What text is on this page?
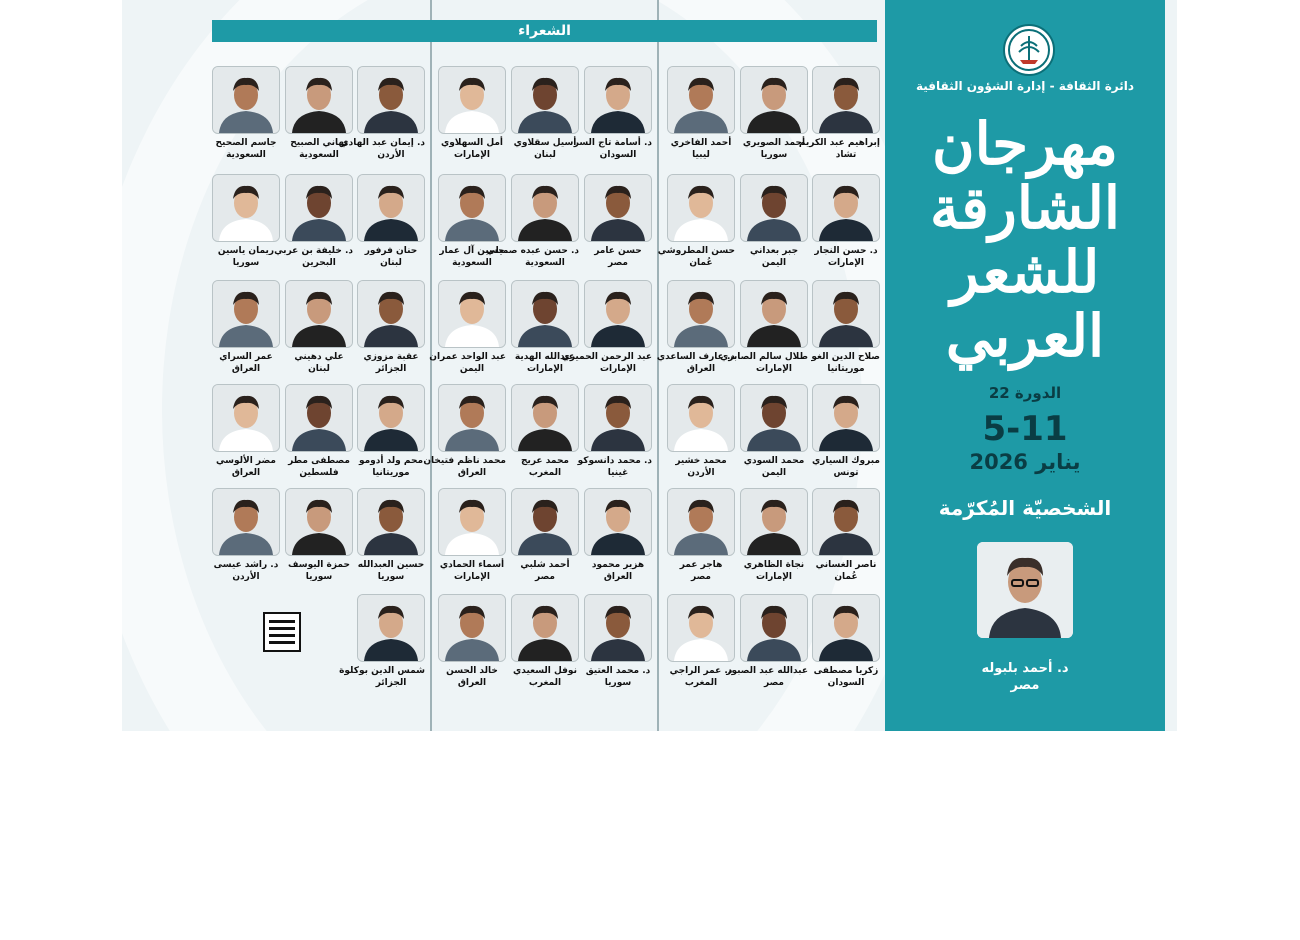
الشعراء
إبراهيم عبد الكريم
تشاد
أحمد الصويري
سوريا
أحمد الفاخري
ليبيا
د. أسامة تاج السر
السودان
أسيل سقلاوي
لبنان
أمل السهلاوي
الإمارات
د. إيمان عبد الهادي
الأردن
تهاني الصبيح
السعودية
جاسم الصحيح
السعودية
د. حسن النجار
الإمارات
جبر بعداني
اليمن
حسن المطروشي
عُمان
حسن عامر
مصر
د. حسن عبده صميلي
السعودية
حسين آل عمار
السعودية
حنان فرفور
لبنان
د. خليفة بن عربي
البحرين
ريمان ياسين
سوريا
صلاح الدين الغو
موريتانيا
طلال سالم الصابري
الإمارات
د. عارف الساعدي
العراق
عبد الرحمن الحميري
الإمارات
عبدالله الهدية
الإمارات
عبد الواحد عمران
اليمن
عقبة مزوزي
الجزائر
علي دهيني
لبنان
عمر السراي
العراق
مبروك السياري
تونس
محمد السودي
اليمن
محمد خشير
الأردن
د. محمد دانسوكو
غينيا
محمد عريج
المغرب
محمد ناظم فتيخان
العراق
محم ولد أدومو
موريتانيا
مصطفى مطر
فلسطين
مضر الألوسي
العراق
ناصر الغساني
عُمان
نجاة الظاهري
الإمارات
هاجر عمر
مصر
هزير محمود
العراق
أحمد شلبي
مصر
أسماء الحمادي
الإمارات
حسين العبدالله
سوريا
حمزة اليوسف
سوريا
د. راشد عيسى
الأردن
زكريا مصطفى
السودان
عبدالله عبد الصبور
مصر
د. عمر الراجي
المغرب
د. محمد العتيق
سوريا
نوفل السعيدي
المغرب
خالد الحسن
العراق
شمس الدين بوكلوة
الجزائر
دائرة الثقافة - إدارة الشؤون الثقافية
مهرجان
الشارقة
للشعر
العربي
الدورة 22
5-11
يناير 2026
الشخصيّة المُكرّمة
د. أحمد بلبوله
مصر
